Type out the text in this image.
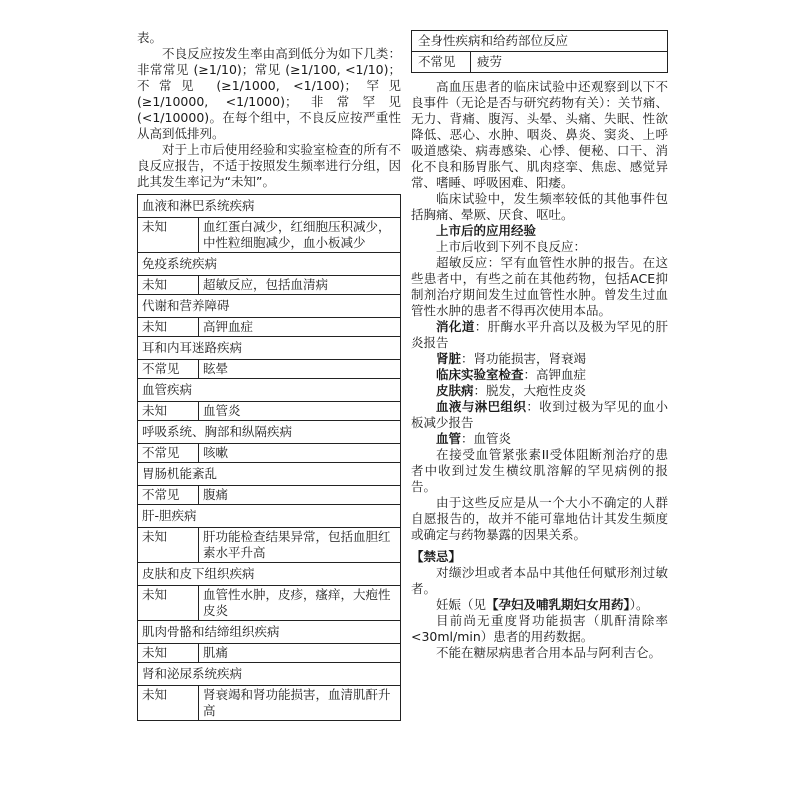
表。

不良反应按发生率由高到低分为如下几类：非常常见 (≥1/10)；常见 (≥1/100, <1/10)；不常见 (≥1/1000, <1/100)；罕见 (≥1/10000, <1/1000)；非常罕见 (<1/10000)。在每个组中，不良反应按严重性从高到低排列。

对于上市后使用经验和实验室检查的所有不良反应报告，不适于按照发生频率进行分组，因此其发生率记为“未知”。

血液和淋巴系统疾病	
未知	血红蛋白减少，红细胞压积减少，中性粒细胞减少，血小板减少
免疫系统疾病	
未知	超敏反应，包括血清病
代谢和营养障碍	
未知	高钾血症
耳和内耳迷路疾病	
不常见	眩晕
血管疾病	
未知	血管炎
呼吸系统、胸部和纵隔疾病	
不常见	咳嗽
胃肠机能紊乱	
不常见	腹痛
肝-胆疾病	
未知	肝功能检查结果异常，包括血胆红素水平升高
皮肤和皮下组织疾病	
未知	血管性水肿，皮疹，瘙痒，大疱性皮炎
肌肉骨骼和结缔组织疾病	
未知	肌痛
肾和泌尿系统疾病	
未知	肾衰竭和肾功能损害，血清肌酐升高
全身性疾病和给药部位反应
不常见	疲劳

高血压患者的临床试验中还观察到以下不良事件（无论是否与研究药物有关）：关节痛、无力、背痛、腹泻、头晕、头痛、失眠、性欲降低、恶心、水肿、咽炎、鼻炎、窦炎、上呼吸道感染、病毒感染、心悸、便秘、口干、消化不良和肠胃胀气、肌肉痉挛、焦虑、感觉异常、嗜睡、呼吸困难、阳痿。

临床试验中，发生频率较低的其他事件包括胸痛、晕厥、厌食、呕吐。

上市后的应用经验

上市后收到下列不良反应：

超敏反应：罕有血管性水肿的报告。在这些患者中，有些之前在其他药物，包括ACE抑制剂治疗期间发生过血管性水肿。曾发生过血管性水肿的患者不得再次使用本品。

消化道：肝酶水平升高以及极为罕见的肝炎报告

肾脏：肾功能损害，肾衰竭

临床实验室检查：高钾血症

皮肤病：脱发，大疱性皮炎

血液与淋巴组织：收到过极为罕见的血小板减少报告

血管：血管炎

在接受血管紧张素II受体阻断剂治疗的患者中收到过发生横纹肌溶解的罕见病例的报告。

由于这些反应是从一个大小不确定的人群自愿报告的，故并不能可靠地估计其发生频度或确定与药物暴露的因果关系。

【禁忌】

对缬沙坦或者本品中其他任何赋形剂过敏者。

妊娠（见【孕妇及哺乳期妇女用药】）。

目前尚无重度肾功能损害（肌酐清除率<30ml/min）患者的用药数据。

不能在糖尿病患者合用本品与阿利吉仑。
